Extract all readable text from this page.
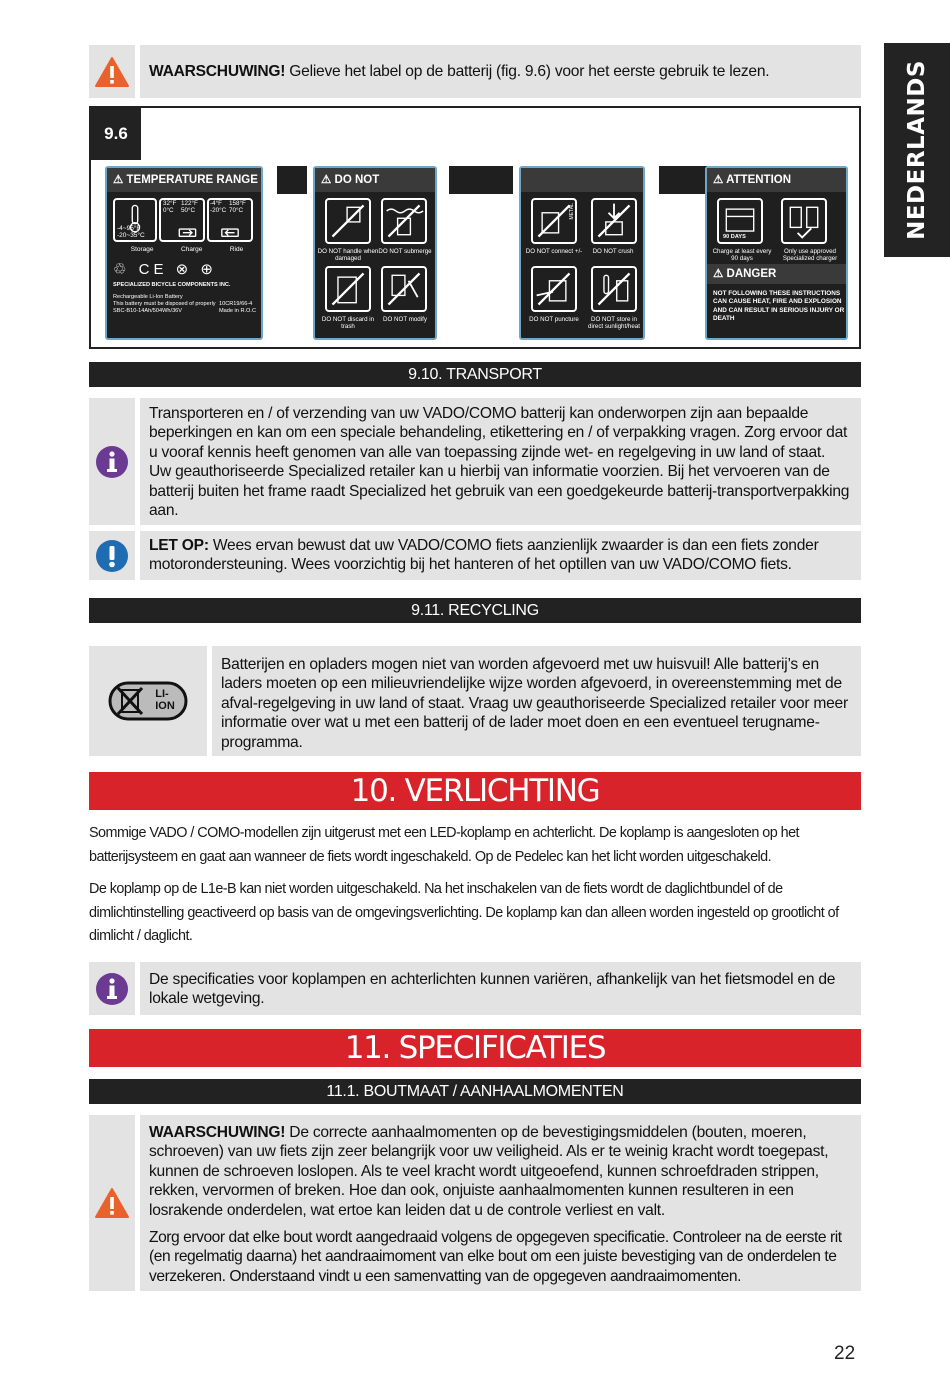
NEDERLANDS
WAARSCHUWING! Gelieve het label op de batterij (fig. 9.6) voor het eerste gebruik te lezen.
9.6
⚠ TEMPERATURE RANGE
-4~95°F
-20~35°C
32°F
0°C
122°F
50°C
-4°F
-20°C
158°F
70°C
Storage	Charge	Ride
♲ CE ⊗ ⊕
SPECIALIZED BICYCLE COMPONENTS INC.
Rechargeable Li-Ion Battery
This battery must be disposed of properly
SBC-B10-14Ah/504Wh/36V
10CR19/66-4
Made in R.O.C
⚠ DO NOT
DO NOT handle when damaged
DO NOT submerge
DO NOT discard in trash
DO NOT modify
METAL
DO NOT connect +/-	DO NOT crush
DO NOT puncture	DO NOT store in direct sunlight/heat
⚠ ATTENTION
90 DAYS
Charge at least every 90 days
Only use approved Specialized charger
⚠ DANGER
NOT FOLLOWING THESE INSTRUCTIONS CAN CAUSE HEAT, FIRE AND EXPLOSION AND CAN RESULT IN SERIOUS INJURY OR DEATH
9.10. TRANSPORT
Transporteren en / of verzending van uw VADO/COMO batterij kan onderworpen zijn aan bepaalde beperkingen en kan om een speciale behandeling, etikettering en / of verpakking vragen. Zorg ervoor dat u vooraf kennis heeft genomen van alle van toepassing zijnde wet- en regelgeving in uw land of staat. Uw geauthoriseerde Specialized retailer kan u hierbij van informatie voorzien. Bij het vervoeren van de batterij buiten het frame raadt Specialized het gebruik van een goedgekeurde batterij-transportverpakking aan.
LET OP: Wees ervan bewust dat uw VADO/COMO fiets aanzienlijk zwaarder is dan een fiets zonder motorondersteuning. Wees voorzichtig bij het hanteren of het optillen van uw VADO/COMO fiets.
9.11. RECYCLING
LI-
ION
Batterijen en opladers mogen niet van worden afgevoerd met uw huisvuil! Alle batterij’s en laders moeten op een milieuvriendelijke wijze worden afgevoerd, in overeenstemming met de afval-regelgeving in uw land of staat. Vraag uw geauthoriseerde Specialized retailer voor meer informatie over wat u met een batterij of de lader moet doen en een eventueel terugname-programma.
10. VERLICHTING
Sommige VADO / COMO-modellen zijn uitgerust met een LED-koplamp en achterlicht. De koplamp is aangesloten op het batterijsysteem en gaat aan wanneer de fiets wordt ingeschakeld. Op de Pedelec kan het licht worden uitgeschakeld.
De koplamp op de L1e-B kan niet worden uitgeschakeld. Na het inschakelen van de fiets wordt de daglichtbundel of de dimlichtinstelling geactiveerd op basis van de omgevingsverlichting. De koplamp kan dan alleen worden ingesteld op grootlicht of dimlicht / daglicht.
De specificaties voor koplampen en achterlichten kunnen variëren, afhankelijk van het fietsmodel en de lokale wetgeving.
11. SPECIFICATIES
11.1. BOUTMAAT / AANHAALMOMENTEN
WAARSCHUWING! De correcte aanhaalmomenten op de bevestigingsmiddelen (bouten, moeren, schroeven) van uw fiets zijn zeer belangrijk voor uw veiligheid. Als er te weinig kracht wordt toegepast, kunnen de schroeven loslopen. Als te veel kracht wordt uitgeoefend, kunnen schroefdraden strippen, rekken, vervormen of breken. Hoe dan ook, onjuiste aanhaalmomenten kunnen resulteren in een losrakende onderdelen, wat ertoe kan leiden dat u de controle verliest en valt.
Zorg ervoor dat elke bout wordt aangedraaid volgens de opgegeven specificatie. Controleer na de eerste rit (en regelmatig daarna) het aandraaimoment van elke bout om een juiste bevestiging van de onderdelen te verzekeren. Onderstaand vindt u een samenvatting van de opgegeven aandraaimomenten.
22
